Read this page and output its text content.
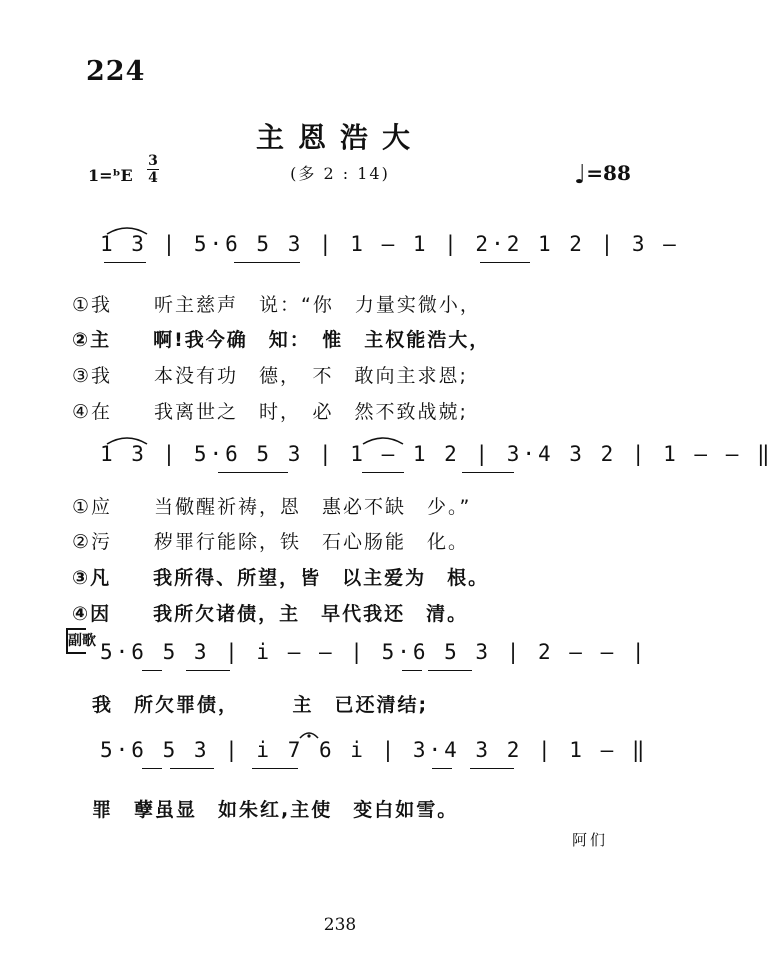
224
主恩浩大
(多 2 : 14)
1=ᵇE
3
4	♩=88
1 3 | 5·6 5 3 | 1 – 1 | 2·2 1 2 | 3 –
①我　　听主慈声　说：“你　力量实微小，
②主　　啊!我今确　知：　惟　主权能浩大，
③我　　本没有功　德，　不　敢向主求恩;
④在　　我离世之　时，　必　然不致战兢;
1 3 | 5·6 5 3 | 1 – 1 2 | 3·4 3 2 | 1 – – ‖
①应　　当儆醒祈祷，恩　惠必不缺　少。”
②污　　秽罪行能除，铁　石心肠能　化。
③凡　　我所得、所望，皆　以主爱为　根。
④因　　我所欠诸债，主　早代我还　清。
副歌 5·6 5 3 | i – – | 5·6 5 3 | 2 – – |
我　所欠罪债，　　　主　已还清结;
5·6 5 3 | i 7 6 i | 3·4 3 2 | 1 – ‖
罪　孽虽显　如朱红,主使　变白如雪。
阿们
238
